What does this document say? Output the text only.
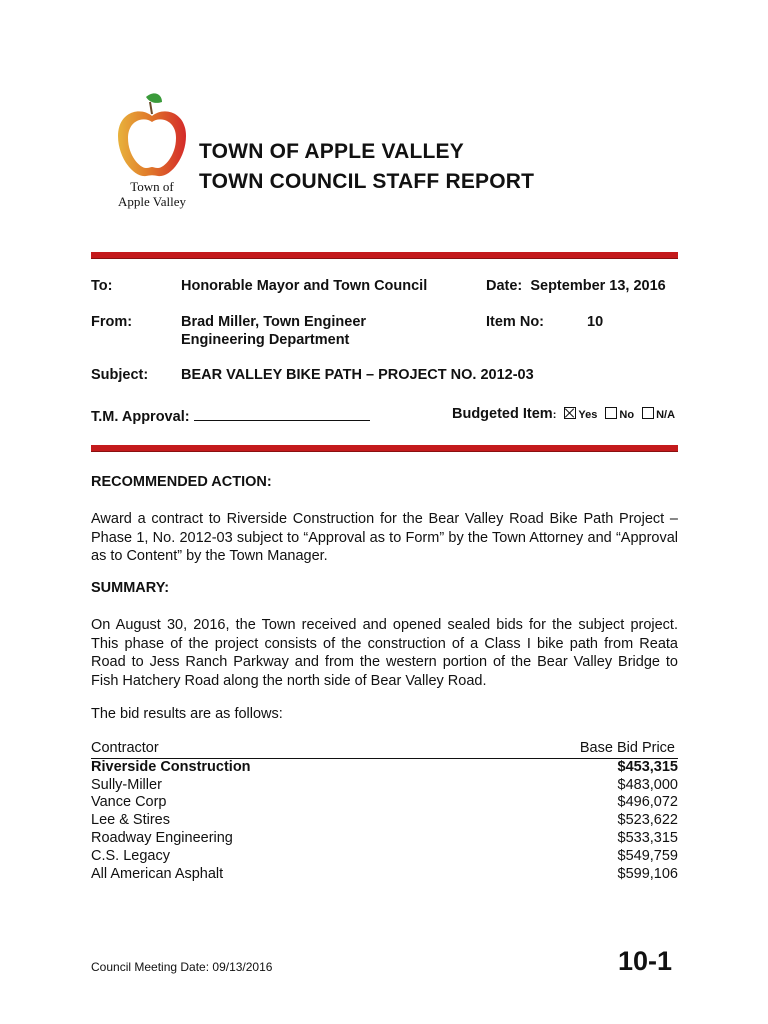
Town of
Apple Valley
TOWN OF APPLE VALLEY
TOWN COUNCIL STAFF REPORT
To:	Honorable Mayor and Town Council	Date: September 13, 2016
From:	Brad Miller, Town Engineer
Engineering Department
Item No:	10
Subject: BEAR VALLEY BIKE PATH – PROJECT NO. 2012-03
T.M. Approval:	Budgeted Item: Yes No N/A
RECOMMENDED ACTION:
Award a contract to Riverside Construction for the Bear Valley Road Bike Path Project – Phase 1, No. 2012-03 subject to “Approval as to Form” by the Town Attorney and “Approval as to Content” by the Town Manager.
SUMMARY:
On August 30, 2016, the Town received and opened sealed bids for the subject project. This phase of the project consists of the construction of a Class I bike path from Reata Road to Jess Ranch Parkway and from the western portion of the Bear Valley Bridge to Fish Hatchery Road along the north side of Bear Valley Road.
The bid results are as follows:
Contractor	Base Bid Price
Riverside Construction	$453,315
Sully-Miller	$483,000
Vance Corp	$496,072
Lee & Stires	$523,622
Roadway Engineering	$533,315
C.S. Legacy	$549,759
All American Asphalt	$599,106
Council Meeting Date: 09/13/2016	10-1
